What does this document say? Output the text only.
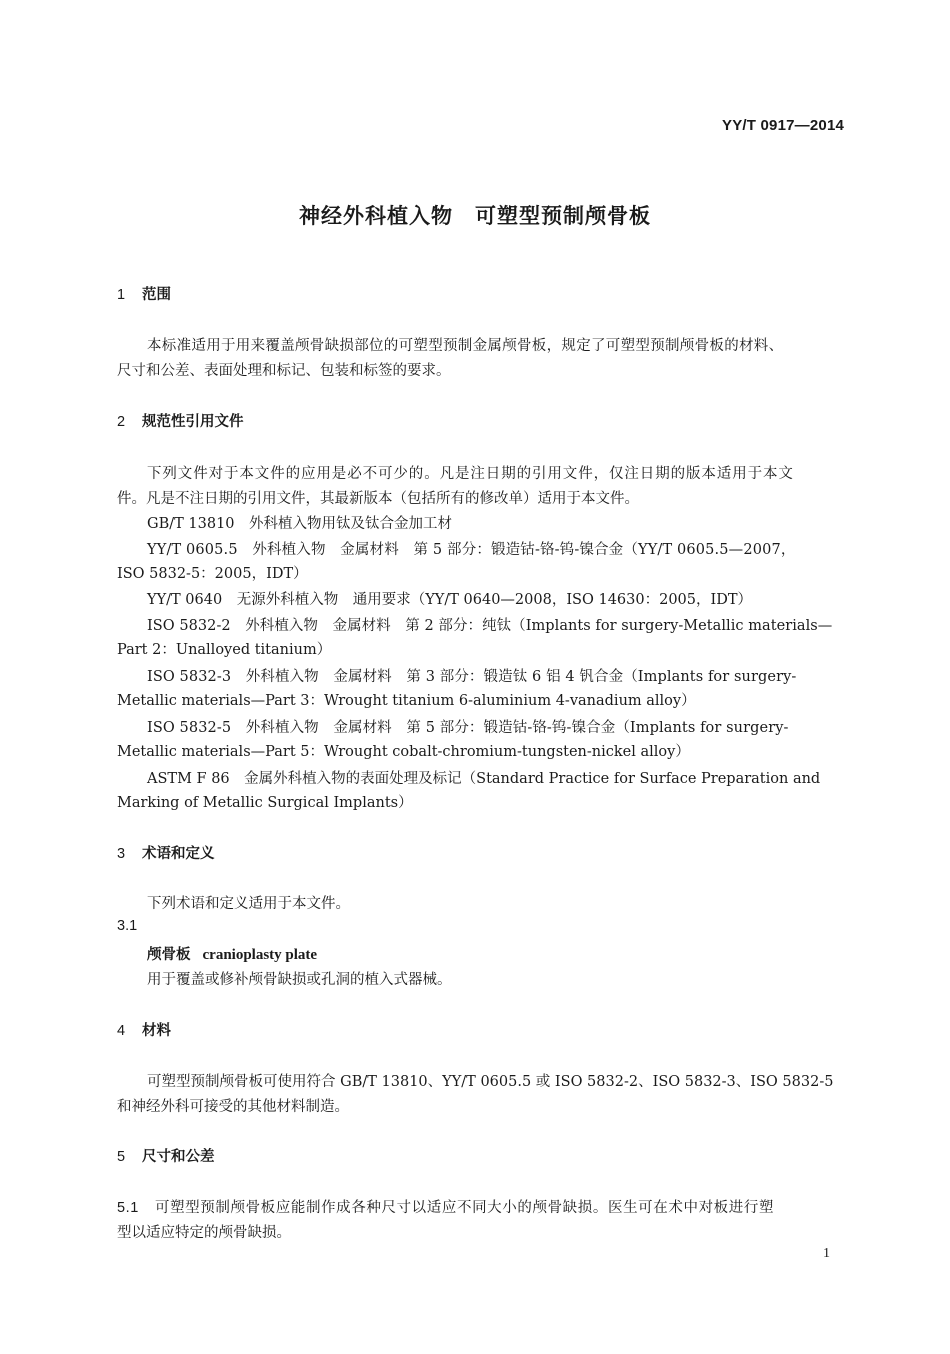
YY/T 0917—2014
神经外科植入物　可塑型预制颅骨板
1 范围
本标准适用于用来覆盖颅骨缺损部位的可塑型预制金属颅骨板，规定了可塑型预制颅骨板的材料、
尺寸和公差、表面处理和标记、包装和标签的要求。
2 规范性引用文件
下列文件对于本文件的应用是必不可少的。凡是注日期的引用文件，仅注日期的版本适用于本文
件。凡是不注日期的引用文件，其最新版本（包括所有的修改单）适用于本文件。
GB/T 13810　外科植入物用钛及钛合金加工材
YY/T 0605.5　外科植入物　金属材料　第 5 部分：锻造钴-铬-钨-镍合金（YY/T 0605.5—2007，
ISO 5832-5：2005，IDT）
YY/T 0640　无源外科植入物　通用要求（YY/T 0640—2008，ISO 14630：2005，IDT）
ISO 5832-2　外科植入物　金属材料　第 2 部分：纯钛（Implants for surgery-Metallic materials—
Part 2：Unalloyed titanium）
ISO 5832-3　外科植入物　金属材料　第 3 部分：锻造钛 6 铝 4 钒合金（Implants for surgery-
Metallic materials—Part 3：Wrought titanium 6-aluminium 4-vanadium alloy）
ISO 5832-5　外科植入物　金属材料　第 5 部分：锻造钴-铬-钨-镍合金（Implants for surgery-
Metallic materials—Part 5：Wrought cobalt-chromium-tungsten-nickel alloy）
ASTM F 86　金属外科植入物的表面处理及标记（Standard Practice for Surface Preparation and
Marking of Metallic Surgical Implants）
3 术语和定义
下列术语和定义适用于本文件。
3.1
颅骨板 cranioplasty plate
用于覆盖或修补颅骨缺损或孔洞的植入式器械。
4 材料
可塑型预制颅骨板可使用符合 GB/T 13810、YY/T 0605.5 或 ISO 5832-2、ISO 5832-3、ISO 5832-5
和神经外科可接受的其他材料制造。
5 尺寸和公差
5.1 可塑型预制颅骨板应能制作成各种尺寸以适应不同大小的颅骨缺损。医生可在术中对板进行塑
型以适应特定的颅骨缺损。
1
